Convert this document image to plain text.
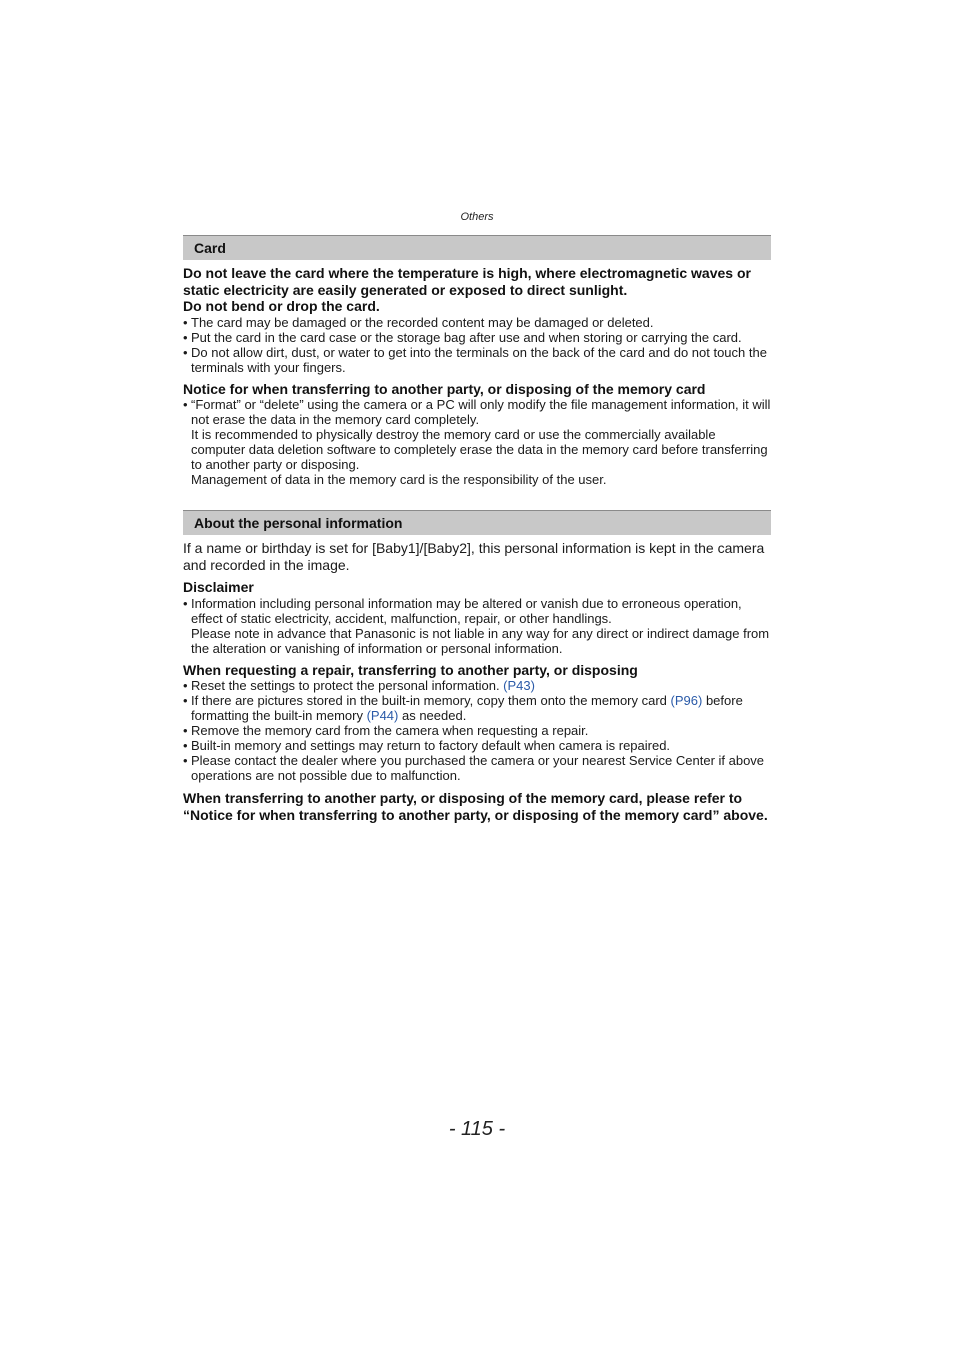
Others
Card

Do not leave the card where the temperature is high, where electromagnetic waves or static electricity are easily generated or exposed to direct sunlight.

Do not bend or drop the card.

• The card may be damaged or the recorded content may be damaged or deleted.
• Put the card in the card case or the storage bag after use and when storing or carrying the card.
• Do not allow dirt, dust, or water to get into the terminals on the back of the card and do not touch the terminals with your fingers.

Notice for when transferring to another party, or disposing of the memory card

• “Format” or “delete” using the camera or a PC will only modify the file management information, it will not erase the data in the memory card completely.
It is recommended to physically destroy the memory card or use the commercially available computer data deletion software to completely erase the data in the memory card before transferring to another party or disposing.
Management of data in the memory card is the responsibility of the user.
About the personal information

If a name or birthday is set for [Baby1]/[Baby2], this personal information is kept in the camera and recorded in the image.

Disclaimer

• Information including personal information may be altered or vanish due to erroneous operation, effect of static electricity, accident, malfunction, repair, or other handlings.
Please note in advance that Panasonic is not liable in any way for any direct or indirect damage from the alteration or vanishing of information or personal information.

When requesting a repair, transferring to another party, or disposing

• Reset the settings to protect the personal information. (P43)
• If there are pictures stored in the built-in memory, copy them onto the memory card (P96) before formatting the built-in memory (P44) as needed.
• Remove the memory card from the camera when requesting a repair.
• Built-in memory and settings may return to factory default when camera is repaired.
• Please contact the dealer where you purchased the camera or your nearest Service Center if above operations are not possible due to malfunction.

When transferring to another party, or disposing of the memory card, please refer to “Notice for when transferring to another party, or disposing of the memory card” above.

- 115 -
